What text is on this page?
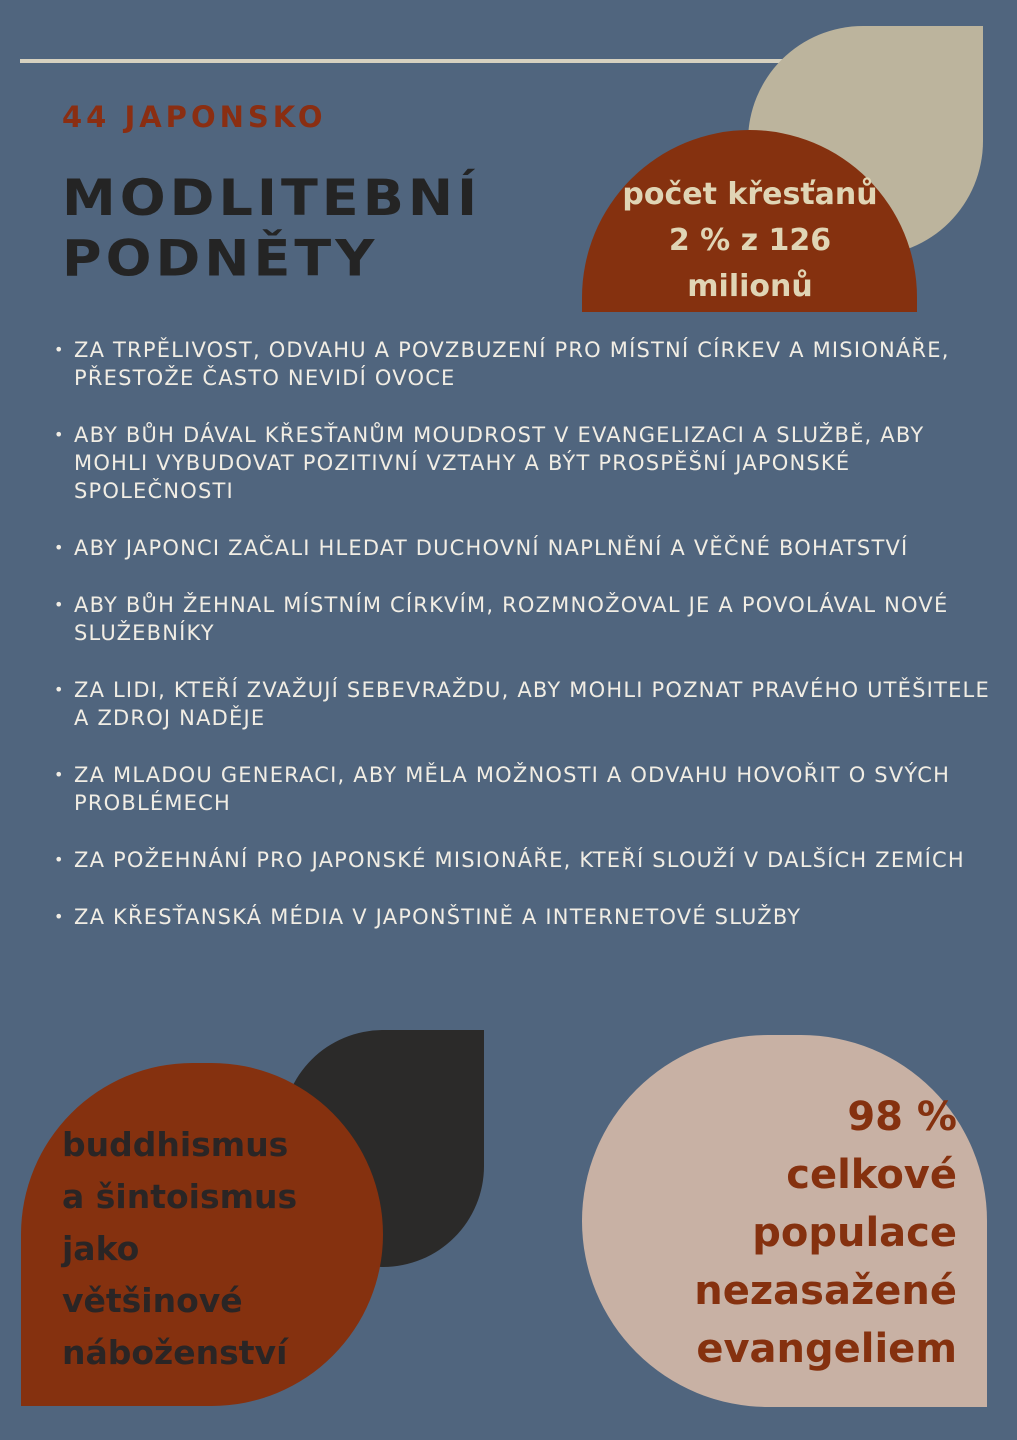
počet křesťanů
2 % z 126
milionů
44 JAPONSKO
MODLITEBNÍ
PODNĚTY
• ZA TRPĚLIVOST, ODVAHU A POVZBUZENÍ PRO MÍSTNÍ CÍRKEV A MISIONÁŘE, PŘESTOŽE ČASTO NEVIDÍ OVOCE
• ABY BŮH DÁVAL KŘESŤANŮM MOUDROST V EVANGELIZACI A SLUŽBĚ, ABY MOHLI VYBUDOVAT POZITIVNÍ VZTAHY A BÝT PROSPĚŠNÍ JAPONSKÉ SPOLEČNOSTI
• ABY JAPONCI ZAČALI HLEDAT DUCHOVNÍ NAPLNĚNÍ A VĚČNÉ BOHATSTVÍ
• ABY BŮH ŽEHNAL MÍSTNÍM CÍRKVÍM, ROZMNOŽOVAL JE A POVOLÁVAL NOVÉ SLUŽEBNÍKY
• ZA LIDI, KTEŘÍ ZVAŽUJÍ SEBEVRAŽDU, ABY MOHLI POZNAT PRAVÉHO UTĚŠITELE A ZDROJ NADĚJE
• ZA MLADOU GENERACI, ABY MĚLA MOŽNOSTI A ODVAHU HOVOŘIT O SVÝCH PROBLÉMECH
• ZA POŽEHNÁNÍ PRO JAPONSKÉ MISIONÁŘE, KTEŘÍ SLOUŽÍ V DALŠÍCH ZEMÍCH
• ZA KŘESŤANSKÁ MÉDIA V JAPONŠTINĚ A INTERNETOVÉ SLUŽBY
buddhismus
a šintoismus
jako
většinové
náboženství
98 %
celkové
populace
nezasažené
evangeliem
